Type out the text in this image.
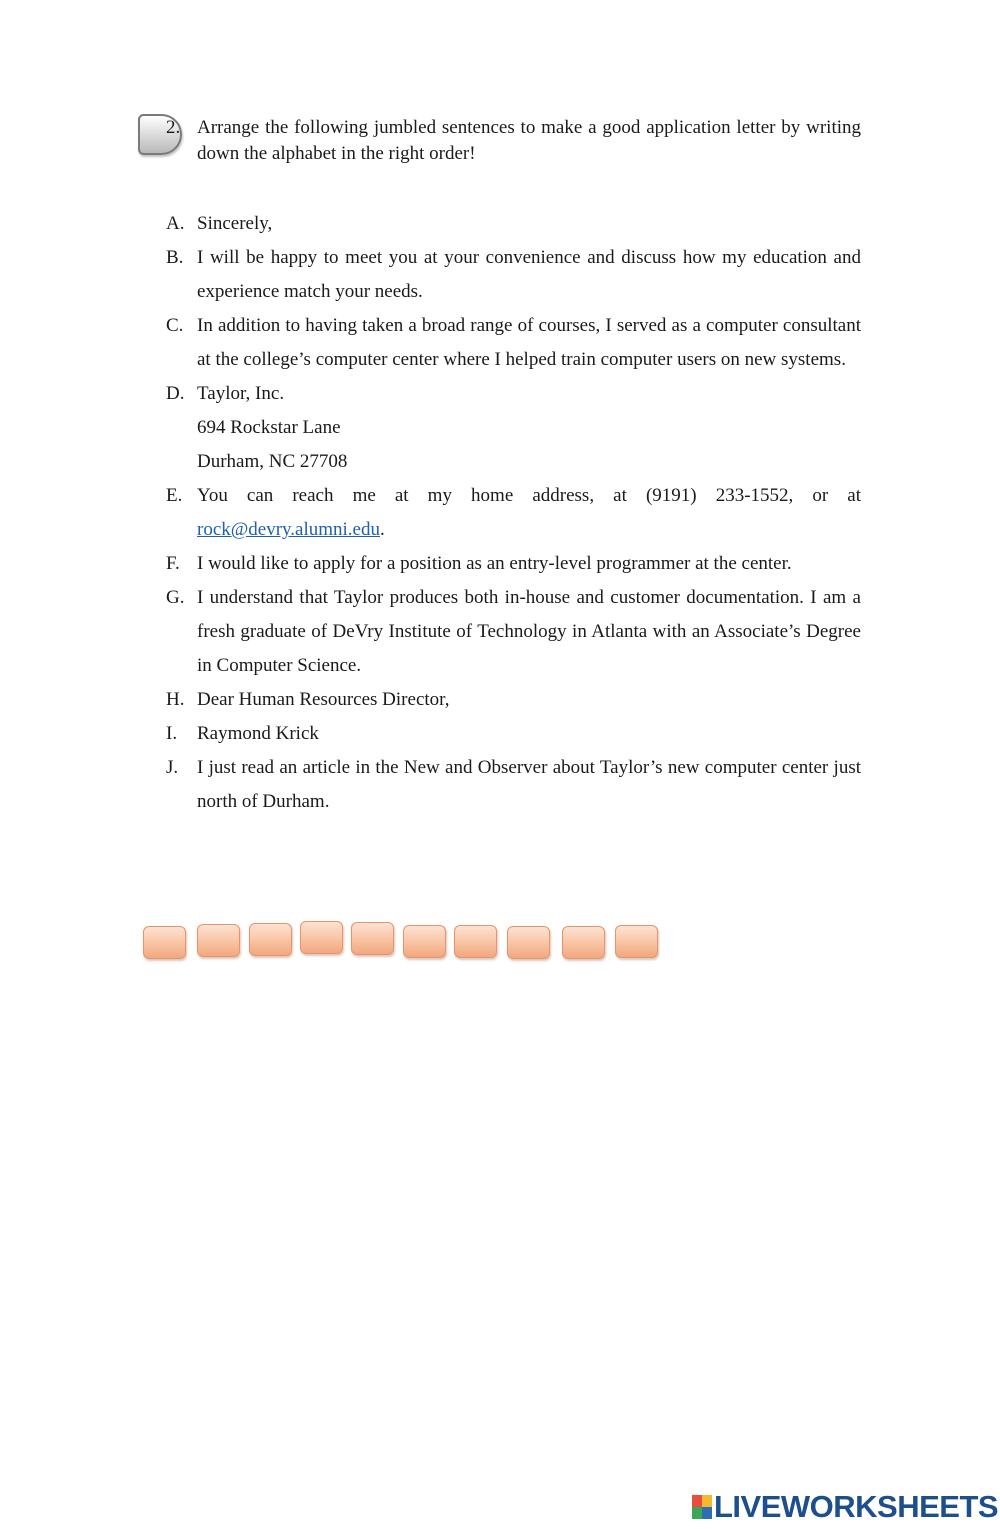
2. Arrange the following jumbled sentences to make a good application letter by writing down the alphabet in the right order!
A. Sincerely,
B. I will be happy to meet you at your convenience and discuss how my education and experience match your needs.
C. In addition to having taken a broad range of courses, I served as a computer consultant at the college’s computer center where I helped train computer users on new systems.
D. Taylor, Inc.
694 Rockstar Lane
Durham, NC 27708
E. You can reach me at my home address, at (9191) 233-1552, or at rock@devry.alumni.edu.
F. I would like to apply for a position as an entry-level programmer at the center.
G. I understand that Taylor produces both in-house and customer documentation. I am a fresh graduate of DeVry Institute of Technology in Atlanta with an Associate’s Degree in Computer Science.
H. Dear Human Resources Director,
I. Raymond Krick
J. I just read an article in the New and Observer about Taylor’s new computer center just north of Durham.
LIVEWORKSHEETS
